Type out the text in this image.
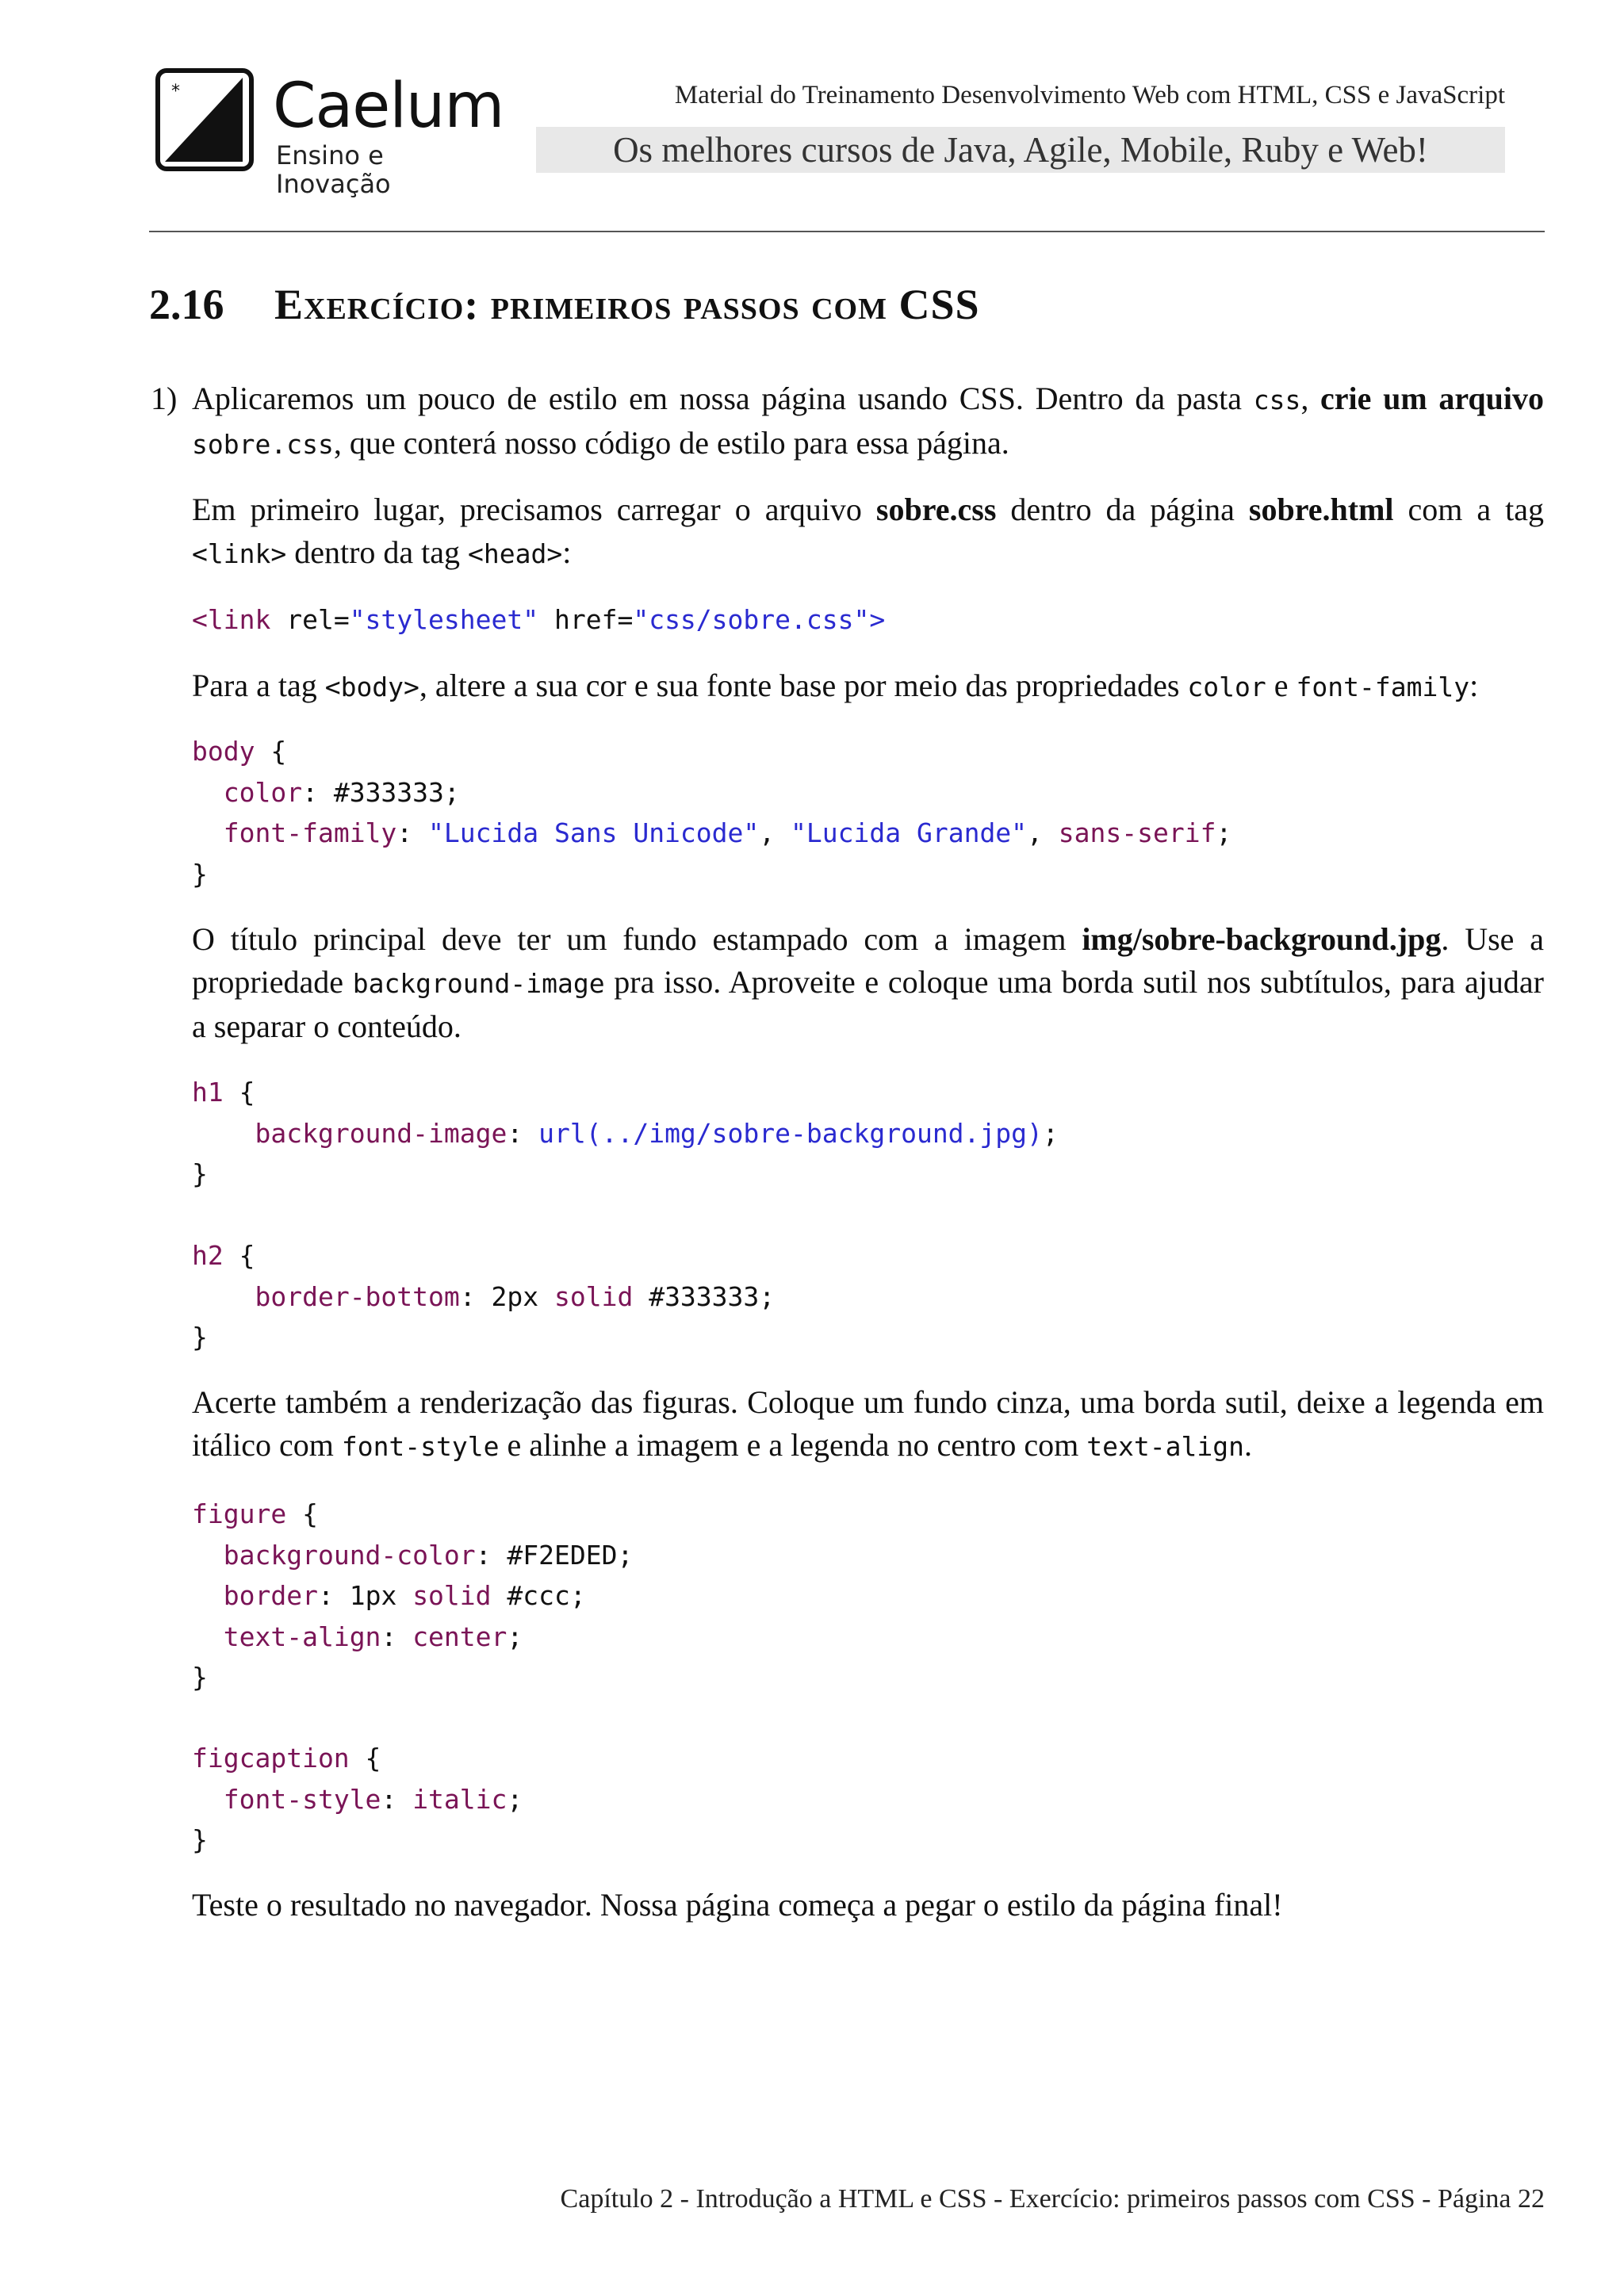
* Caelum
Ensino e Inovação
Material do Treinamento Desenvolvimento Web com HTML, CSS e JavaScript
Os melhores cursos de Java, Agile, Mobile, Ruby e Web!
2.16 Exercício: primeiros passos com CSS
1) Aplicaremos um pouco de estilo em nossa página usando CSS. Dentro da pasta css, crie um arquivo sobre.css, que conterá nosso código de estilo para essa página.

Em primeiro lugar, precisamos carregar o arquivo sobre.css dentro da página sobre.html com a tag <link> dentro da tag <head>:

<link rel="stylesheet" href="css/sobre.css">

Para a tag <body>, altere a sua cor e sua fonte base por meio das propriedades color e font-family:

body {
color: #333333;
font-family: "Lucida Sans Unicode", "Lucida Grande", sans-serif;
}

O título principal deve ter um fundo estampado com a imagem img/sobre-background.jpg. Use a propriedade background-image pra isso. Aproveite e coloque uma borda sutil nos subtítulos, para ajudar a separar o conteúdo.

h1 {
background-image: url(../img/sobre-background.jpg);
}
h2 {
border-bottom: 2px solid #333333;
}

Acerte também a renderização das figuras. Coloque um fundo cinza, uma borda sutil, deixe a legenda em itálico com font-style e alinhe a imagem e a legenda no centro com text-align.

figure {
background-color: #F2EDED;
border: 1px solid #ccc;
text-align: center;
}
figcaption {
font-style: italic;
}

Teste o resultado no navegador. Nossa página começa a pegar o estilo da página final!

Capítulo 2 - Introdução a HTML e CSS - Exercício: primeiros passos com CSS - Página 22
